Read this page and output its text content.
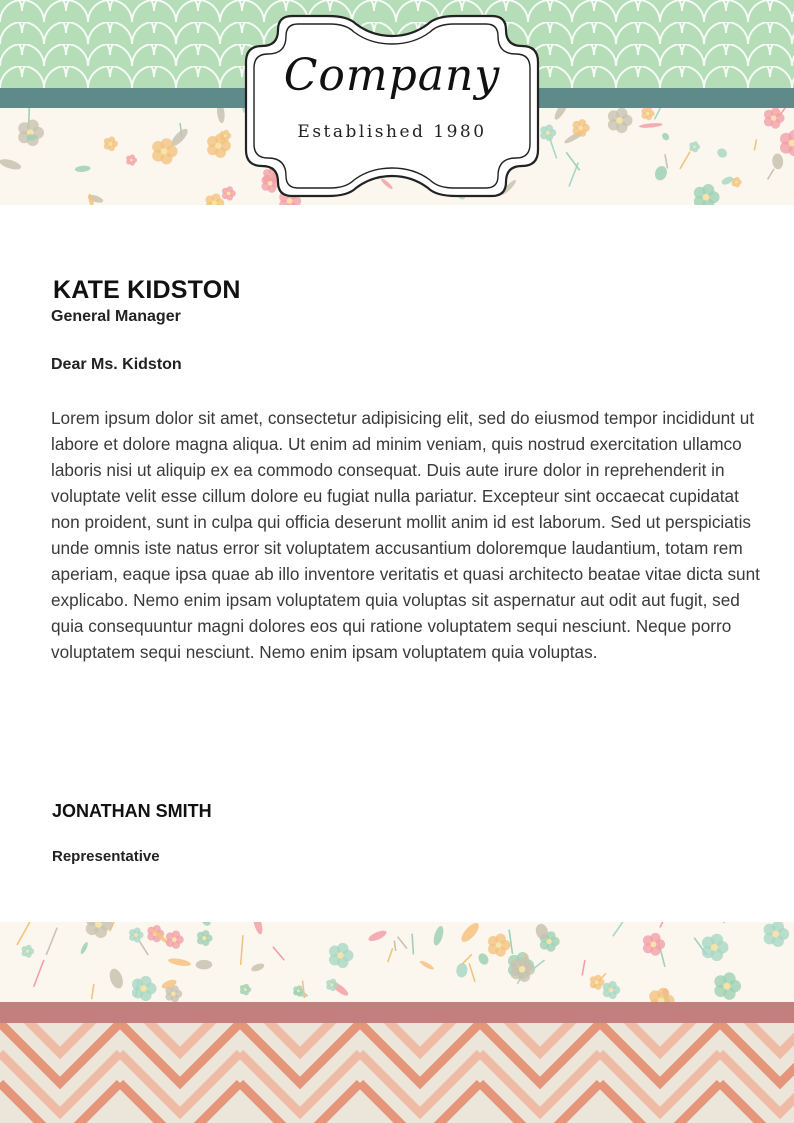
Company
Established 1980
KATE KIDSTON
General Manager
Dear Ms. Kidston
Lorem ipsum dolor sit amet, consectetur adipisicing elit, sed do eiusmod tempor incididunt ut labore et dolore magna aliqua. Ut enim ad minim veniam, quis nostrud exercitation ullamco laboris nisi ut aliquip ex ea commodo consequat. Duis aute irure dolor in reprehenderit in voluptate velit esse cillum dolore eu fugiat nulla pariatur. Excepteur sint occaecat cupidatat non proident, sunt in culpa qui officia deserunt mollit anim id est laborum. Sed ut perspiciatis unde omnis iste natus error sit voluptatem accusantium doloremque laudantium, totam rem aperiam, eaque ipsa quae ab illo inventore veritatis et quasi architecto beatae vitae dicta sunt explicabo. Nemo enim ipsam voluptatem quia voluptas sit aspernatur aut odit aut fugit, sed quia consequuntur magni dolores eos qui ratione voluptatem sequi nesciunt. Neque porro voluptatem sequi nesciunt. Nemo enim ipsam voluptatem quia voluptas.
JONATHAN SMITH
Representative
